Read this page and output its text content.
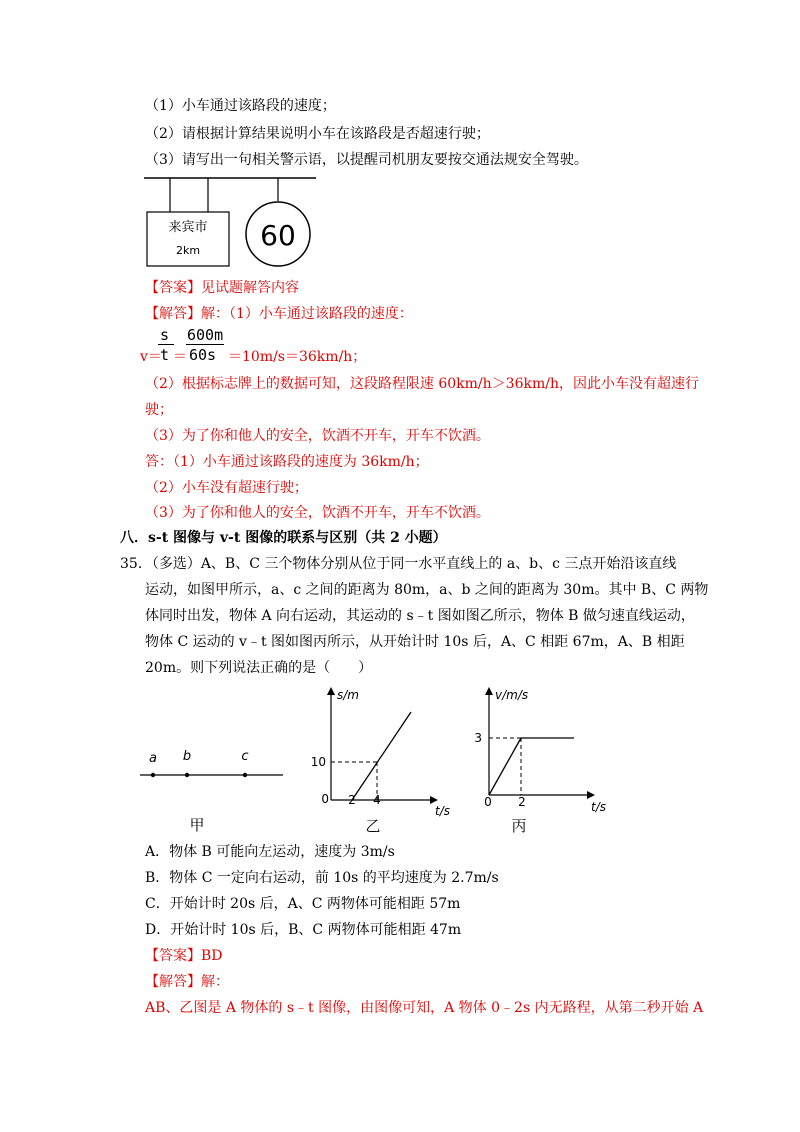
（1）小车通过该路段的速度；
（2）请根据计算结果说明小车在该路段是否超速行驶；
（3）请写出一句相关警示语，以提醒司机朋友要按交通法规安全驾驶。
来宾市
2km 60
【答案】见试题解答内容
【解答】解：（1）小车通过该路段的速度：
s 600m
v＝
t ＝ 60s ＝10m/s＝36km/h；
（2）根据标志牌上的数据可知，这段路程限速 60km/h＞36km/h，因此小车没有超速行
驶；
（3）为了你和他人的安全，饮酒不开车，开车不饮酒。
答：（1）小车通过该路段的速度为 36km/h；
（2）小车没有超速行驶；
（3）为了你和他人的安全，饮酒不开车，开车不饮酒。
八．s-t 图像与 v-t 图像的联系与区别（共 2 小题）
35．（多选）A、B、C 三个物体分别从位于同一水平直线上的 a、b、c 三点开始沿该直线
运动，如图甲所示，a、c 之间的距离为 80m，a、b 之间的距离为 30m。其中 B、C 两物
体同时出发，物体 A 向右运动，其运动的 s﹣t 图如图乙所示，物体 B 做匀速直线运动，
物体 C 运动的 v﹣t 图如图丙所示，从开始计时 10s 后，A、C 相距 67m，A、B 相距
20m。则下列说法正确的是（　　）
a b	c
甲
s/m
t/s
0 2 4
10
乙
v/m/s
t/s
0 2
3
丙
A．物体 B 可能向左运动，速度为 3m/s
B．物体 C 一定向右运动，前 10s 的平均速度为 2.7m/s
C．开始计时 20s 后，A、C 两物体可能相距 57m
D．开始计时 10s 后，B、C 两物体可能相距 47m
【答案】BD
【解答】解：
AB、乙图是 A 物体的 s﹣t 图像，由图像可知，A 物体 0﹣2s 内无路程，从第二秒开始 A
